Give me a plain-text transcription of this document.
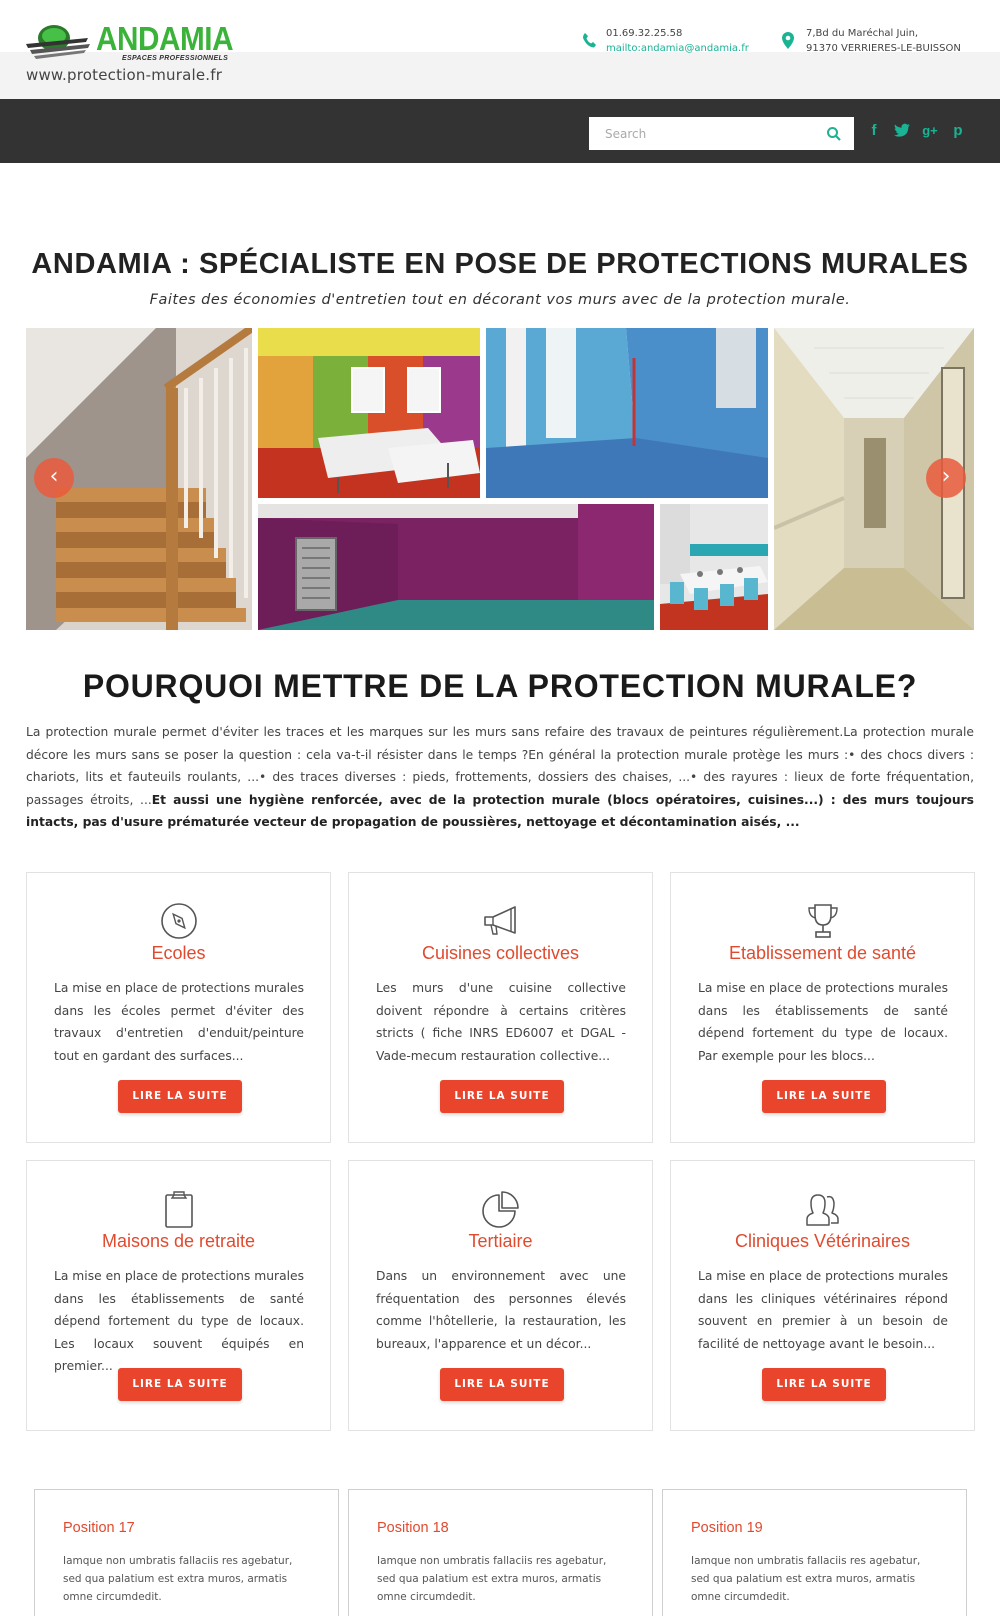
ANDAMIA
ESPACES PROFESSIONNELS
www.protection-murale.fr
01.69.32.25.58
mailto:andamia@andamia.fr
7,Bd du Maréchal Juin,
91370 VERRIERES-LE-BUISSON
Search
f	g+ p
ANDAMIA : SPÉCIALISTE EN POSE DE PROTECTIONS MURALES

Faites des économies d'entretien tout en décorant vos murs avec de la protection murale.

‹	›
POURQUOI METTRE DE LA PROTECTION MURALE?

La protection murale permet d'éviter les traces et les marques sur les murs sans refaire des travaux de peintures régulièrement.La protection murale décore les murs sans se poser la question : cela va-t-il résister dans le temps ?En général la protection murale protège les murs :• des chocs divers : chariots, lits et fauteuils roulants, ...• des traces diverses : pieds, frottements, dossiers des chaises, ...• des rayures : lieux de forte fréquentation, passages étroits, ...Et aussi une hygiène renforcée, avec de la protection murale (blocs opératoires, cuisines...) : des murs toujours intacts, pas d'usure prématurée vecteur de propagation de poussières, nettoyage et décontamination aisés, ...

Ecoles
La mise en place de protections murales dans les écoles permet d'éviter des travaux d'entretien d'enduit/peinture tout en gardant des surfaces...
LIRE LA SUITE
Cuisines collectives
Les murs d'une cuisine collective doivent répondre à certains critères stricts ( fiche INRS ED6007 et DGAL - Vade-mecum restauration collective...
LIRE LA SUITE
Etablissement de santé
La mise en place de protections murales dans les établissements de santé dépend fortement du type de locaux. Par exemple pour les blocs...
LIRE LA SUITE
Maisons de retraite
La mise en place de protections murales dans les établissements de santé dépend fortement du type de locaux. Les locaux souvent équipés en premier...
LIRE LA SUITE
Tertiaire
Dans un environnement avec une fréquentation des personnes élevés comme l'hôtellerie, la restauration, les bureaux, l'apparence et un décor...
LIRE LA SUITE
Cliniques Vétérinaires
La mise en place de protections murales dans les cliniques vétérinaires répond souvent en premier à un besoin de facilité de nettoyage avant le besoin...
LIRE LA SUITE
Position 17
Iamque non umbratis fallaciis res agebatur, sed qua palatium est extra muros, armatis omne circumdedit.
Position 18
Iamque non umbratis fallaciis res agebatur, sed qua palatium est extra muros, armatis omne circumdedit.
Position 19
Iamque non umbratis fallaciis res agebatur, sed qua palatium est extra muros, armatis omne circumdedit.
